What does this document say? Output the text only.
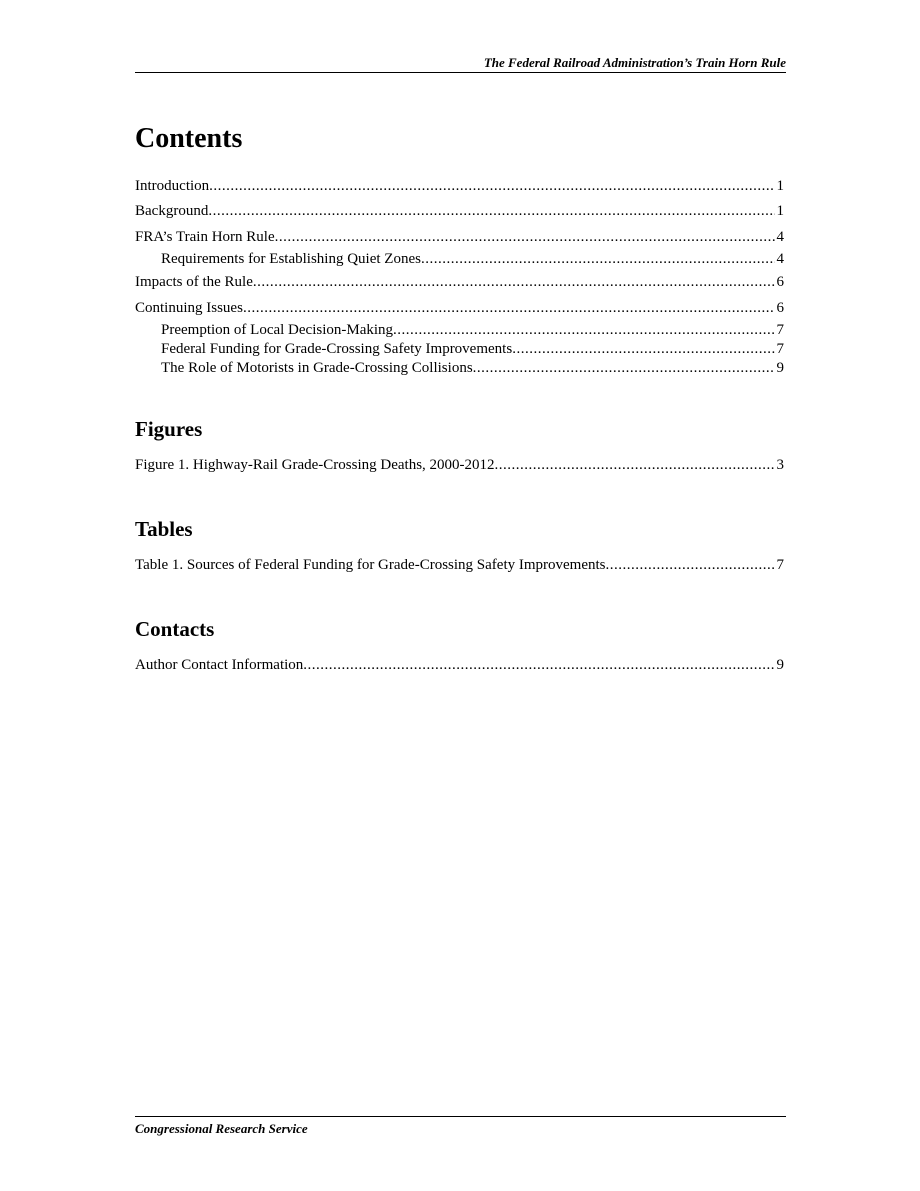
The Federal Railroad Administration’s Train Horn Rule
Contents
Introduction .....	1
Background .....	1
FRA’s Train Horn Rule .....	4
Requirements for Establishing Quiet Zones .....	4
Impacts of the Rule .....	6
Continuing Issues .....	6
Preemption of Local Decision-Making .....	7
Federal Funding for Grade-Crossing Safety Improvements .....	7
The Role of Motorists in Grade-Crossing Collisions .....	9
Figures
Figure 1. Highway-Rail Grade-Crossing Deaths, 2000-2012 .....	3
Tables
Table 1. Sources of Federal Funding for Grade-Crossing Safety Improvements .....	7
Contacts
Author Contact Information .....	9
Congressional Research Service
